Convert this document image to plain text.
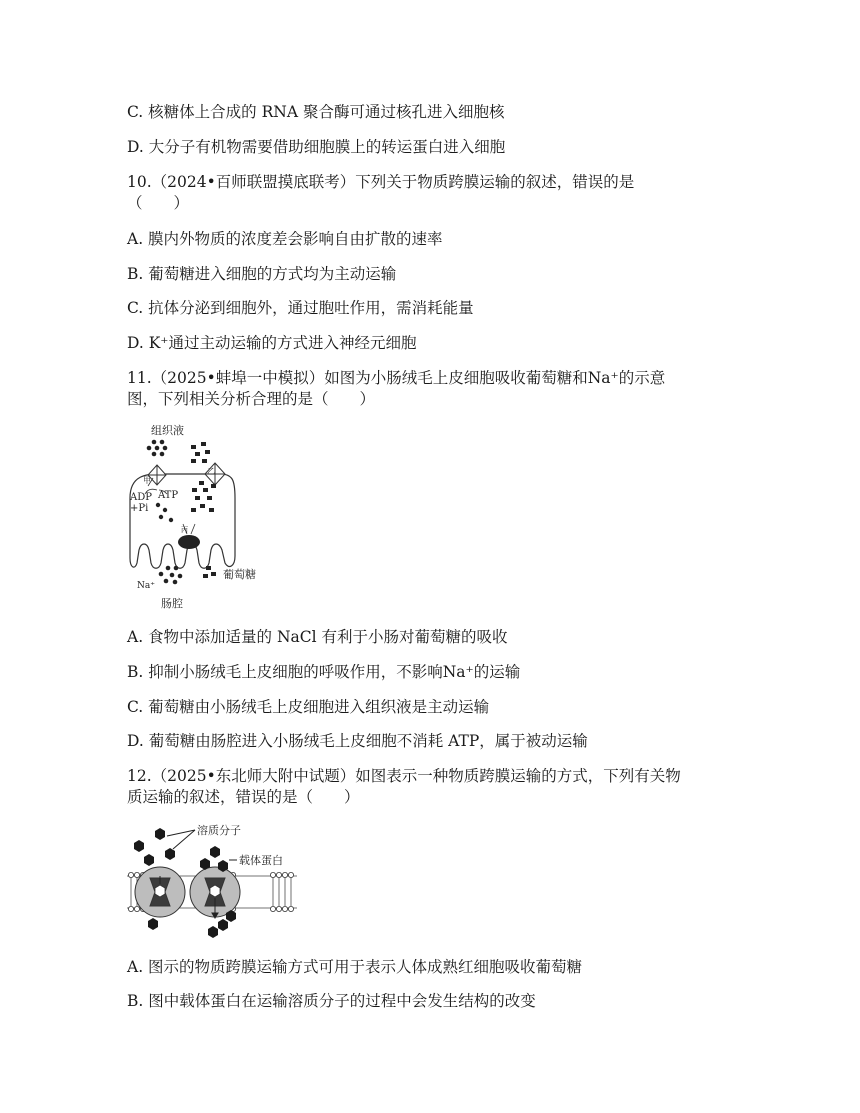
C. 核糖体上合成的 RNA 聚合酶可通过核孔进入细胞核
D. 大分子有机物需要借助细胞膜上的转运蛋白进入细胞
10.（2024•百师联盟摸底联考）下列关于物质跨膜运输的叙述，错误的是
（　　）
A. 膜内外物质的浓度差会影响自由扩散的速率
B. 葡萄糖进入细胞的方式均为主动运输
C. 抗体分泌到细胞外，通过胞吐作用，需消耗能量
D. K⁺通过主动运输的方式进入神经元细胞
11.（2025•蚌埠一中模拟）如图为小肠绒毛上皮细胞吸收葡萄糖和Na⁺的示意
图，下列相关分析合理的是（　　）
组织液
甲
乙
ADP
+Pi
ATP
丙
Na⁺
葡萄糖
肠腔
A. 食物中添加适量的 NaCl 有利于小肠对葡萄糖的吸收
B. 抑制小肠绒毛上皮细胞的呼吸作用，不影响Na⁺的运输
C. 葡萄糖由小肠绒毛上皮细胞进入组织液是主动运输
D. 葡萄糖由肠腔进入小肠绒毛上皮细胞不消耗 ATP，属于被动运输
12.（2025•东北师大附中试题）如图表示一种物质跨膜运输的方式，下列有关物
质运输的叙述，错误的是（　　）
溶质分子
载体蛋白
A. 图示的物质跨膜运输方式可用于表示人体成熟红细胞吸收葡萄糖
B. 图中载体蛋白在运输溶质分子的过程中会发生结构的改变
